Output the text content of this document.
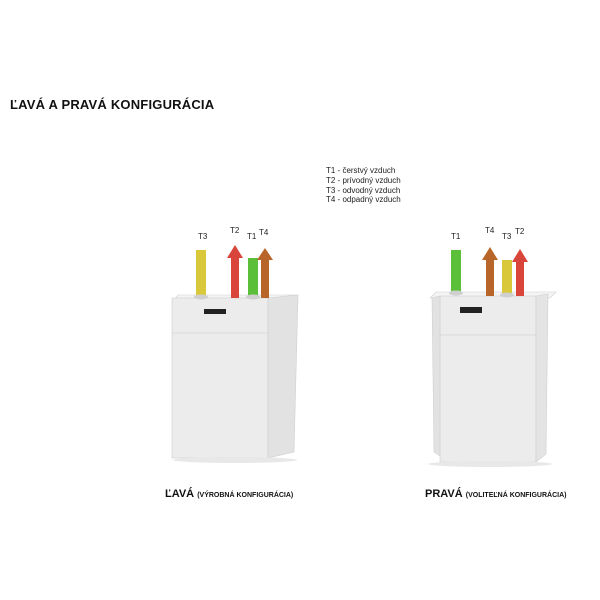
ĽAVÁ A PRAVÁ KONFIGURÁCIA
T1 - čerstvý vzduch
T2 - prívodný vzduch
T3 - odvodný vzduch
T4 - odpadný vzduch
T3
T2
T1 T4
ĽAVÁ (VÝROBNÁ KONFIGURÁCIA)
T1
T4
T3
T2
PRAVÁ (VOLITEĽNÁ KONFIGURÁCIA)
